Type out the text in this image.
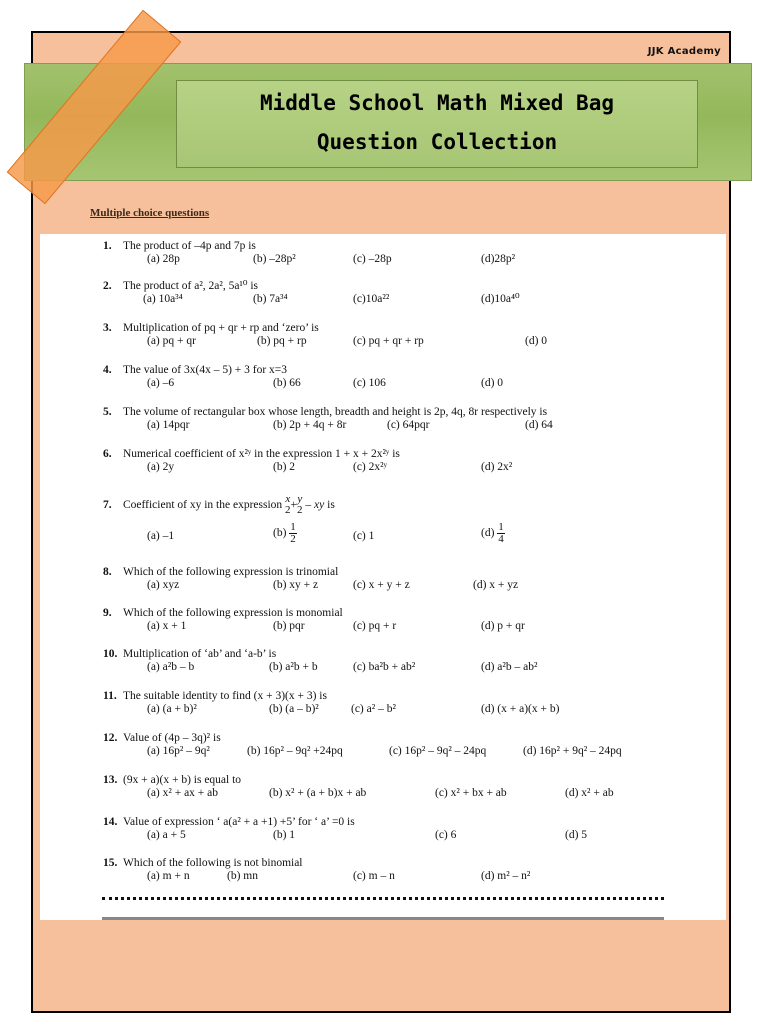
JJK Academy
Middle School Math Mixed Bag
Question Collection
Multiple choice questions
1. The product of –4p and 7p is
(a) 28p	(b) –28p²	(c) –28p	(d)28p²
2. The product of a², 2a², 5a¹⁰ is
(a) 10a³⁴	(b) 7a³⁴	(c)10a²²	(d)10a⁴⁰
3. Multiplication of pq + qr + rp and ‘zero’ is
(a) pq + qr	(b) pq + rp	(c) pq + qr + rp	(d) 0
4. The value of 3x(4x – 5) + 3 for x=3
(a) –6	(b) 66	(c) 106	(d) 0
5. The volume of rectangular box whose length, breadth and height is 2p, 4q, 8r respectively is
(a) 14pqr	(b) 2p + 4q + 8r	(c) 64pqr	(d) 64
6. Numerical coefficient of x²ʸ in the expression 1 + x + 2x²ʸ is
(a) 2y	(b) 2	(c) 2x²ʸ	(d) 2x²
7. Coefficient of xy in the expression
x
2 + y
2
– xy
is
(a) –1	(b)
$\frac{1}{2}$	(c) 1	(d)
$\frac{1}{4}$
8. Which of the following expression is trinomial
(a) xyz	(b) xy + z	(c) x + y + z	(d) x + yz
9. Which of the following expression is monomial
(a) x + 1	(b) pqr	(c) pq + r	(d) p + qr
10. Multiplication of ‘ab’ and ‘a-b’ is
(a) a²b – b	(b) a²b + b	(c) ba²b + ab²	(d) a²b – ab²
11. The suitable identity to find (x + 3)(x + 3) is
(a) (a + b)²	(b) (a – b)²	(c) a² – b²	(d) (x + a)(x + b)
12. Value of (4p – 3q)² is
(a) 16p² – 9q²	(b) 16p² – 9q² +24pq	(c) 16p² – 9q² – 24pq	(d) 16p² + 9q² – 24pq
13. (9x + a)(x + b) is equal to
(a) x² + ax + ab	(b) x² + (a + b)x + ab	(c) x² + bx + ab	(d) x² + ab
14. Value of expression ‘ a(a² + a +1) +5’ for ‘ a’ =0 is
(a) a + 5	(b) 1	(c) 6	(d) 5
15. Which of the following is not binomial
(a) m + n	(b) mn	(c) m – n	(d) m² – n²
